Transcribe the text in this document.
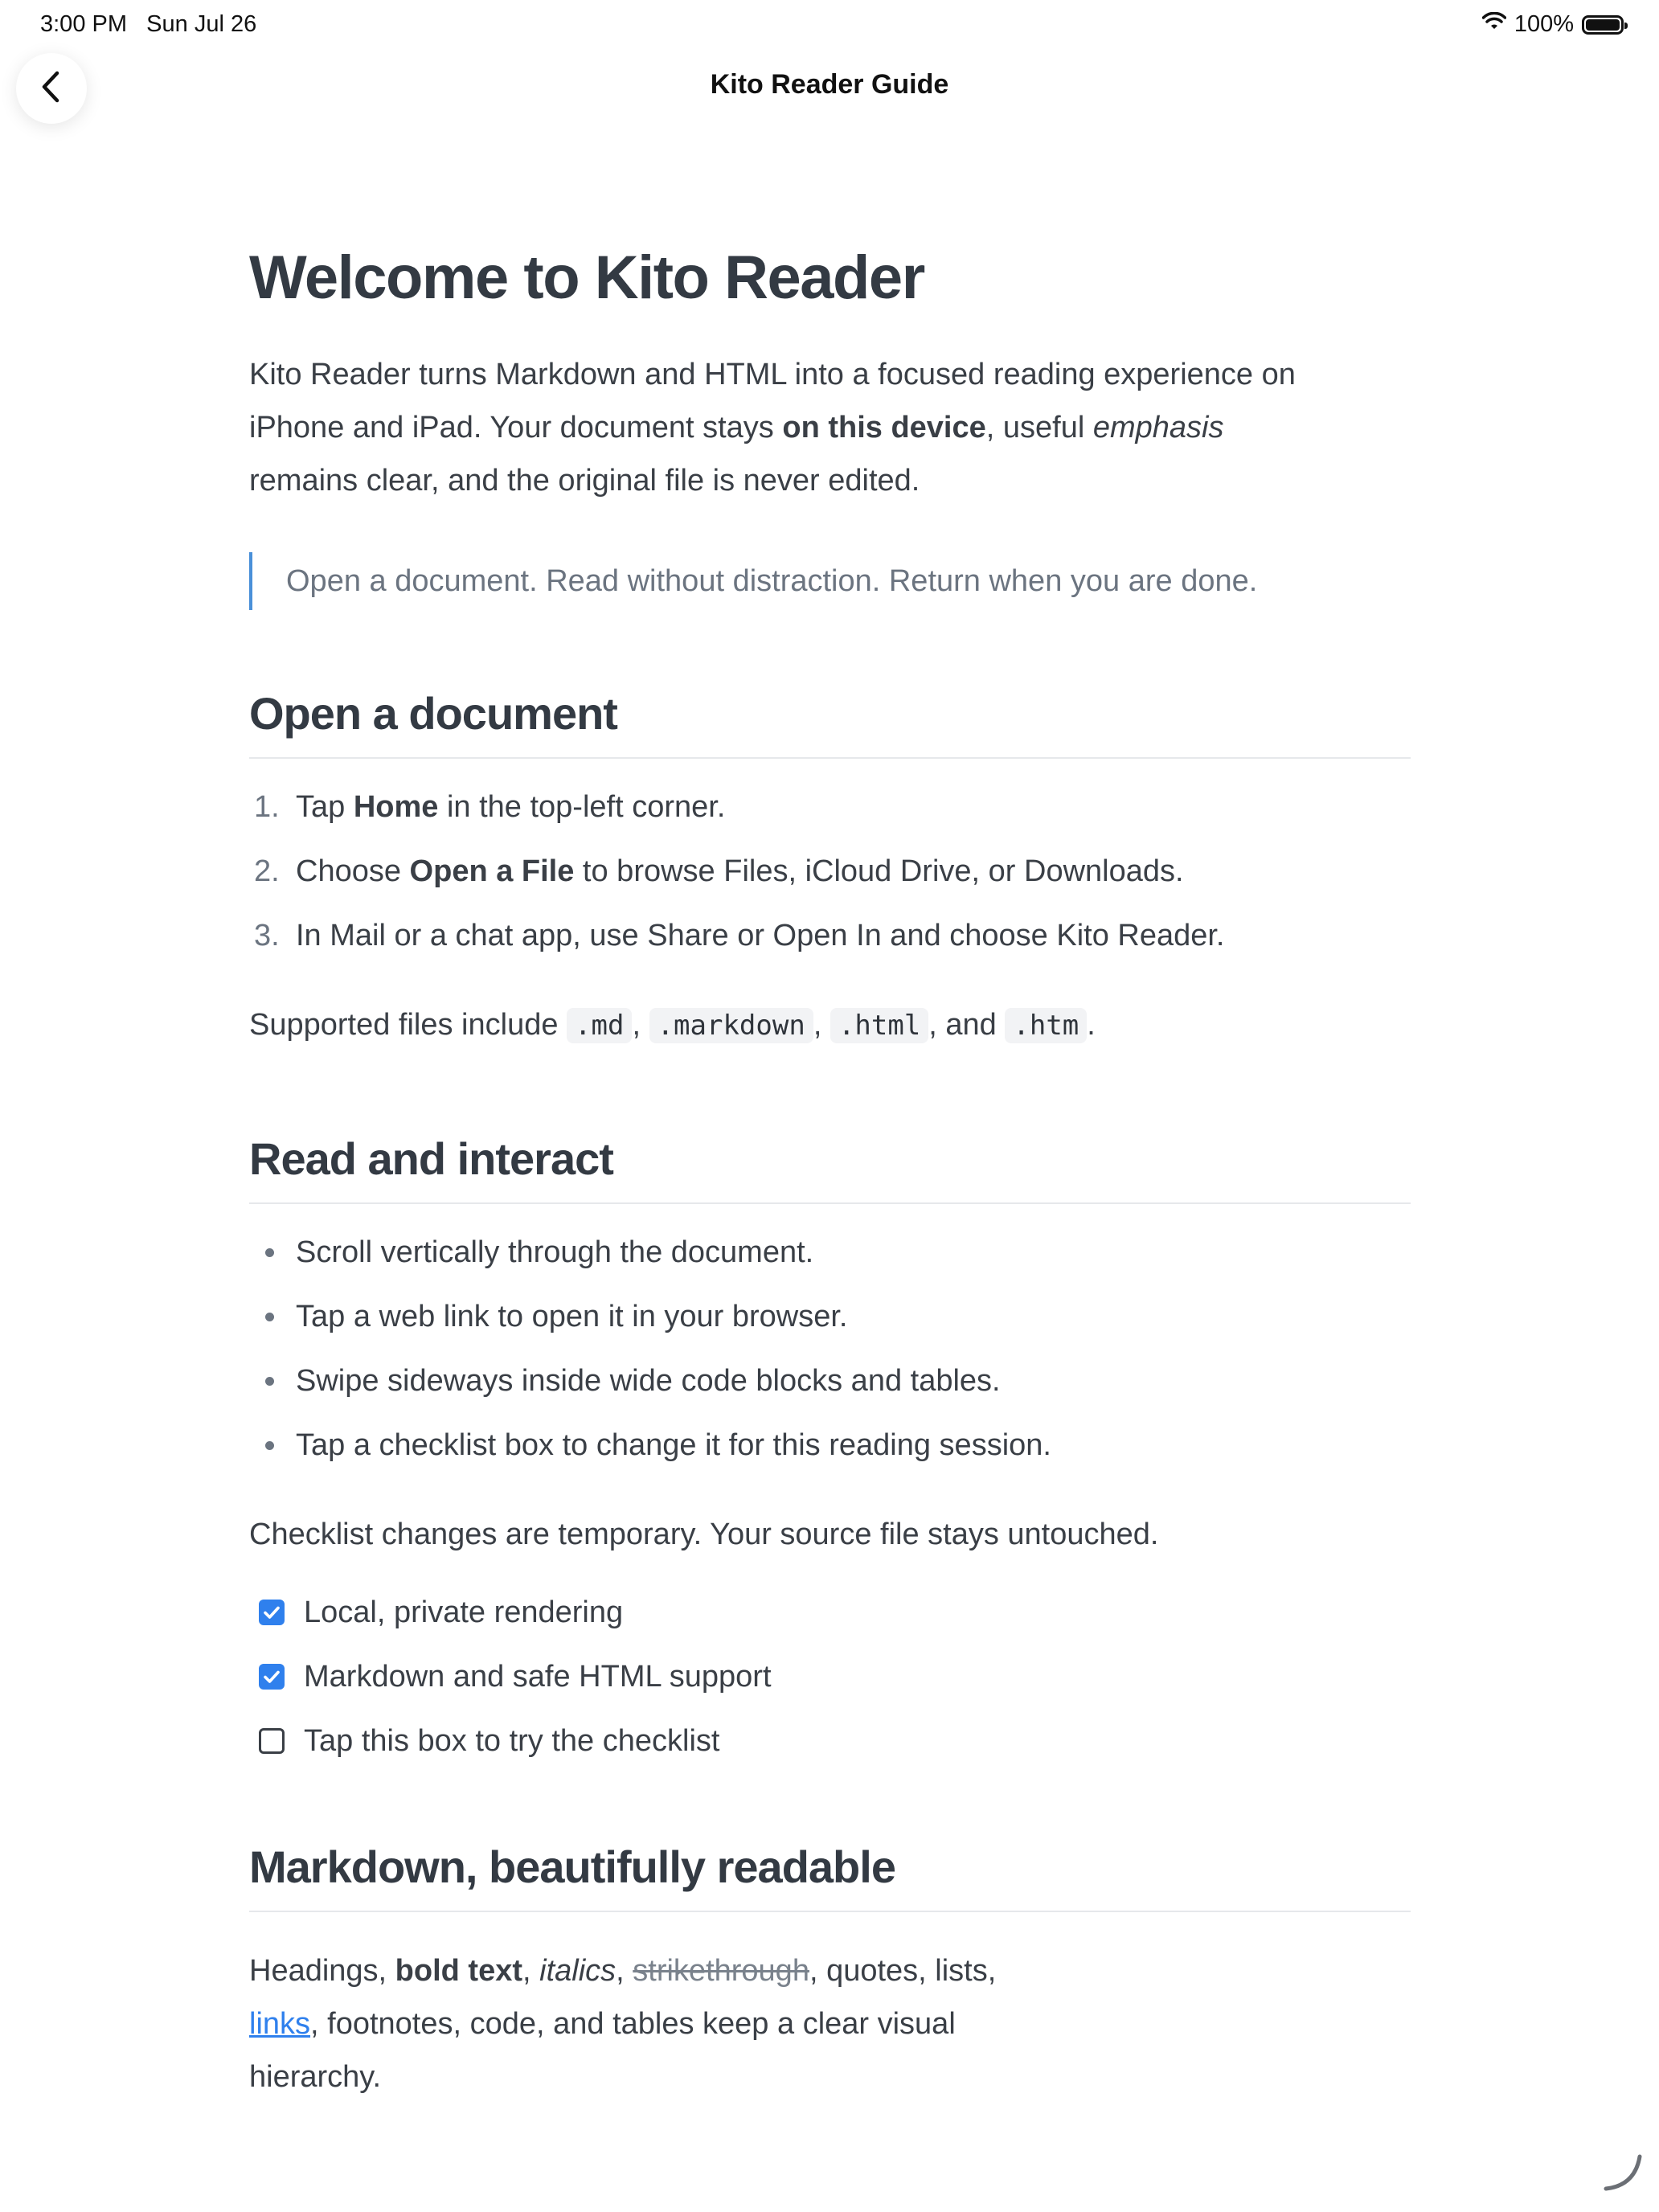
3:00 PM Sun Jul 26	100%
Kito Reader Guide
Welcome to Kito Reader

Kito Reader turns Markdown and HTML into a focused reading experience on iPhone and iPad. Your document stays on this device, useful emphasis remains clear, and the original file is never edited.

Open a document. Read without distraction. Return when you are done.
Open a document
1. Tap Home in the top-left corner.
2. Choose Open a File to browse Files, iCloud Drive, or Downloads.
3. In Mail or a chat app, use Share or Open In and choose Kito Reader.

Supported files include .md , .markdown , .html , and .htm .

Read and interact
Scroll vertically through the document.
Tap a web link to open it in your browser.
Swipe sideways inside wide code blocks and tables.
Tap a checklist box to change it for this reading session.

Checklist changes are temporary. Your source file stays untouched.

Local, private rendering
Markdown and safe HTML support
Tap this box to try the checklist
Markdown, beautifully readable

Headings, bold text, italics, strikethrough, quotes, lists, links, footnotes, code, and tables keep a clear visual hierarchy.
